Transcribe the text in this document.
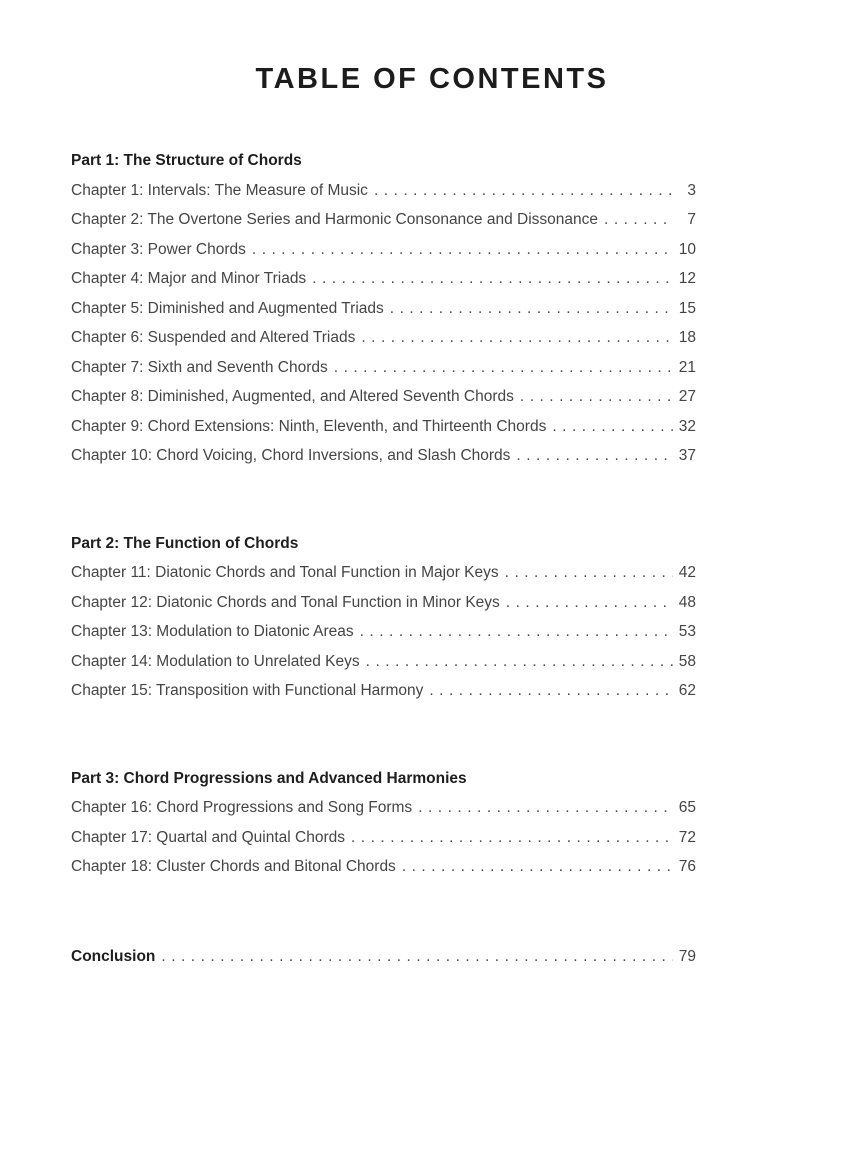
TABLE OF CONTENTS
Part 1: The Structure of Chords
Chapter 1: Intervals: The Measure of Music .....	3
Chapter 2: The Overtone Series and Harmonic Consonance and Dissonance .....	7
Chapter 3: Power Chords .....	10
Chapter 4: Major and Minor Triads .....	12
Chapter 5: Diminished and Augmented Triads .....	15
Chapter 6: Suspended and Altered Triads .....	18
Chapter 7: Sixth and Seventh Chords .....	21
Chapter 8: Diminished, Augmented, and Altered Seventh Chords .....	27
Chapter 9: Chord Extensions: Ninth, Eleventh, and Thirteenth Chords .....	32
Chapter 10: Chord Voicing, Chord Inversions, and Slash Chords .....	37
Part 2: The Function of Chords
Chapter 11: Diatonic Chords and Tonal Function in Major Keys .....	42
Chapter 12: Diatonic Chords and Tonal Function in Minor Keys .....	48
Chapter 13: Modulation to Diatonic Areas .....	53
Chapter 14: Modulation to Unrelated Keys .....	58
Chapter 15: Transposition with Functional Harmony .....	62
Part 3: Chord Progressions and Advanced Harmonies
Chapter 16: Chord Progressions and Song Forms .....	65
Chapter 17: Quartal and Quintal Chords .....	72
Chapter 18: Cluster Chords and Bitonal Chords .....	76
Conclusion .....	79
